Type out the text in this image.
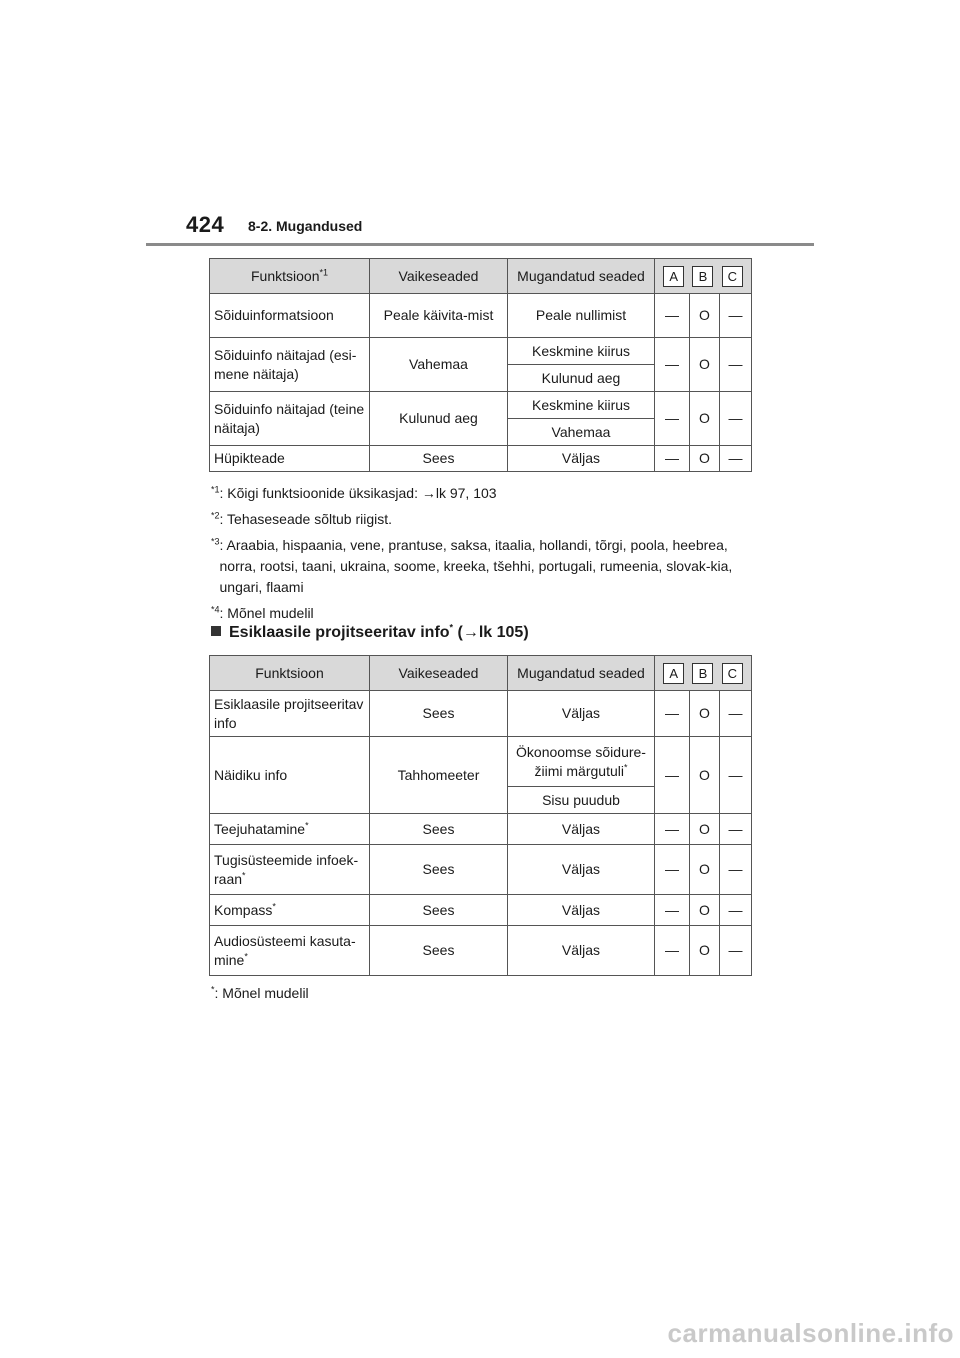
424 8-2. Mugandused
Funktsioon$^{*1}$	Vaikeseaded	Mugandatud seaded	A B C		

Sõiduinformatsioon	Peale käivita-mist	Peale nullimist	—	O	—
Sõiduinfo näitajad (esi-mene näitaja)	Vahemaa	Keskmine kiirus	—	O	—
		Kulunud aeg			
Sõiduinfo näitajad (teine näitaja)	Kulunud aeg	Keskmine kiirus	—	O	—
		Vahemaa			
Hüpikteade	Sees	Väljas	—	O	—
$^{*1}$ : Kõigi funktsioonide üksikasjad: →lk 97, 103
$^{*2}$ : Tehaseseade sõltub riigist.
$^{*3}$ : Araabia, hispaania, vene, prantuse, saksa, itaalia, hollandi, tõrgi, poola, heebrea, norra, rootsi, taani, ukraina, soome, kreeka, tšehhi, portugali, rumeenia, slovak-kia, ungari, flaami
$^{*4}$ : Mõnel mudelil
Esiklaasile projitseeritav info* (→lk 105)
Funktsioon	Vaikeseaded	Mugandatud seaded	A B C		

Esiklaasile projitseeritav info	Sees	Väljas	—	O	—
Näidiku info	Tahhomeeter	Ökonoomse sõidure-žiimi märgutuli*	—	O	—
		Sisu puudub			
Teejuhatamine*	Sees	Väljas	—	O	—
Tugisüsteemide infoek-raan*	Sees	Väljas	—	O	—
Kompass*	Sees	Väljas	—	O	—
Audiosüsteemi kasuta-mine*	Sees	Väljas	—	O	—
*: Mõnel mudelil
carmanualsonline.info
